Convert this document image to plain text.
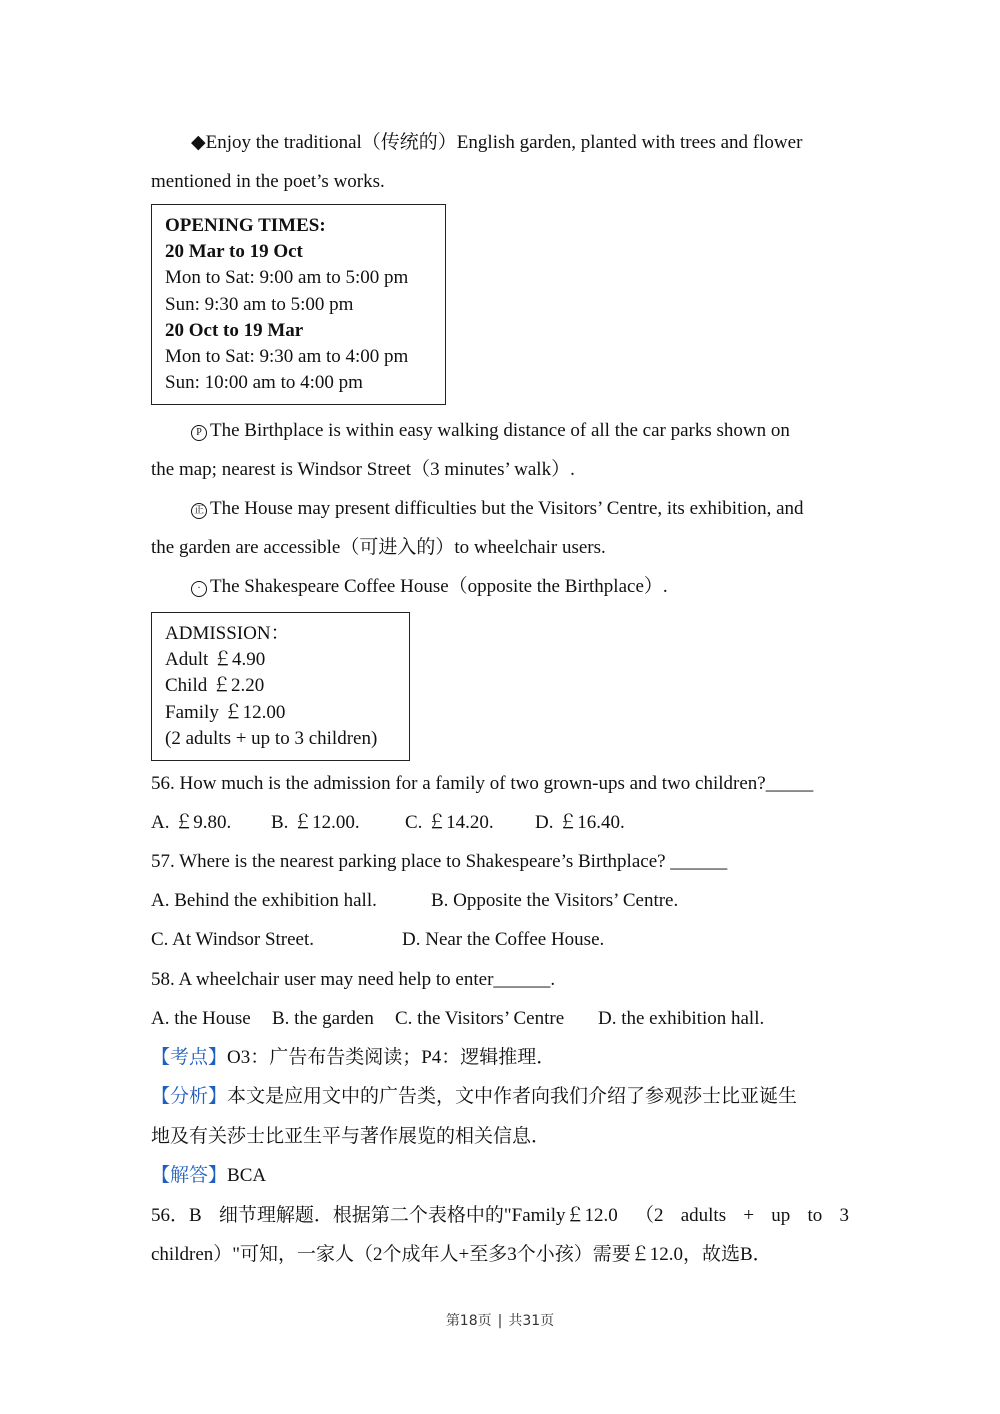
◆Enjoy the traditional（传统的）English garden, planted with trees and flower
mentioned in the poet’s works.
OPENING TIMES:
20 Mar to 19 Oct
Mon to Sat: 9:00 am to 5:00 pm
Sun: 9:30 am to 5:00 pm
20 Oct to 19 Mar
Mon to Sat: 9:30 am to 4:00 pm
Sun: 10:00 am to 4:00 pm
P The Birthplace is within easy walking distance of all the car parks shown on
the map; nearest is Windsor Street（3 minutes’ walk）.
正 The House may present difficulties but the Visitors’ Centre, its exhibition, and
the garden are accessible（可进入的）to wheelchair users.
· The Shakespeare Coffee House（opposite the Birthplace）.
ADMISSION：
Adult ￡4.90
Child ￡2.20
Family ￡12.00
(2 adults + up to 3 children)
56. How much is the admission for a family of two grown-ups and two children?_____
A. ￡9.80. B. ￡12.00. C. ￡14.20. D. ￡16.40.
57. Where is the nearest parking place to Shakespeare’s Birthplace? ______
A. Behind the exhibition hall.	B. Opposite the Visitors’ Centre.
C. At Windsor Street.	D. Near the Coffee House.
58. A wheelchair user may need help to enter______.
A. the House B. the garden C. the Visitors’ Centre D. the exhibition hall.
【考点】O3：广告布告类阅读；P4：逻辑推理．
【分析】本文是应用文中的广告类，文中作者向我们介绍了参观莎士比亚诞生
地及有关莎士比亚生平与著作展览的相关信息．
【解答】BCA
56．B 细节理解题．根据第二个表格中的"Family￡12.0 （2 adults + up to 3
children）"可知，一家人（2个成年人+至多3个小孩）需要￡12.0，故选B．
第18页 | 共31页
